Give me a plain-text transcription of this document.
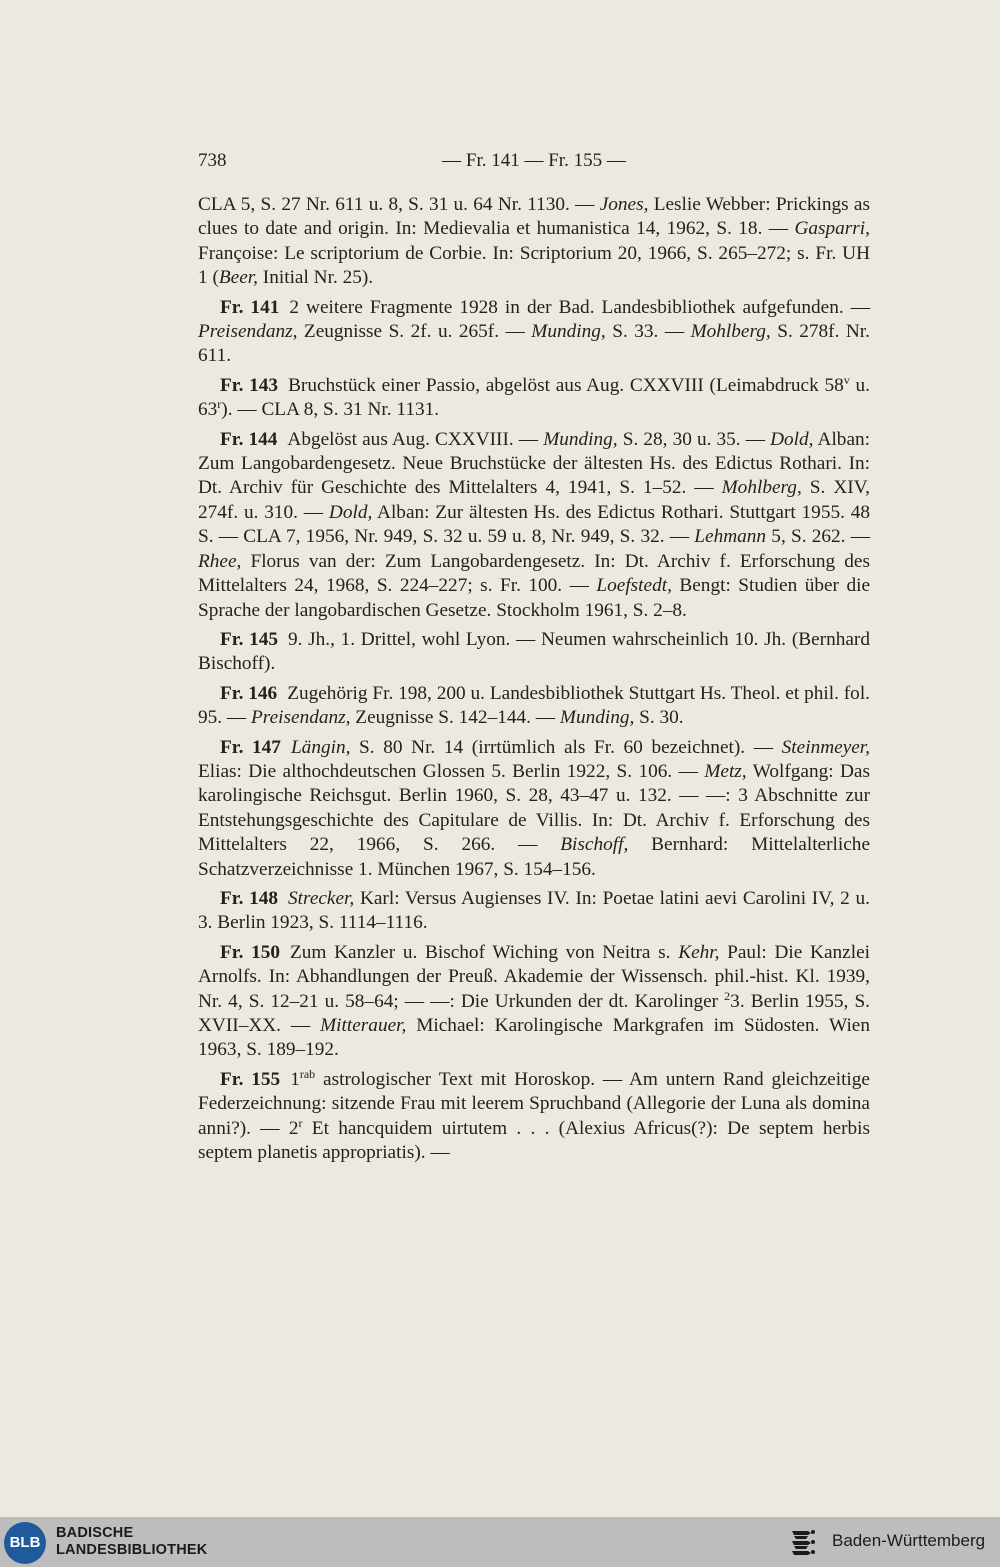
738	— Fr. 141 — Fr. 155 —

CLA 5, S. 27 Nr. 611 u. 8, S. 31 u. 64 Nr. 1130. — Jones, Leslie Webber: Prickings as clues to date and origin. In: Medievalia et humanistica 14, 1962, S. 18. — Gasparri, Françoise: Le scriptorium de Corbie. In: Scriptorium 20, 1966, S. 265–272; s. Fr. UH 1 (Beer, Initial Nr. 25).

Fr. 141 2 weitere Fragmente 1928 in der Bad. Landesbibliothek aufgefunden. — Preisendanz, Zeugnisse S. 2f. u. 265f. — Munding, S. 33. — Mohlberg, S. 278f. Nr. 611.

Fr. 143 Bruchstück einer Passio, abgelöst aus Aug. CXXVIII (Leimabdruck 58$^v$ u. 63$^r$). — CLA 8, S. 31 Nr. 1131.

Fr. 144 Abgelöst aus Aug. CXXVIII. — Munding, S. 28, 30 u. 35. — Dold, Alban: Zum Langobardengesetz. Neue Bruchstücke der ältesten Hs. des Edictus Rothari. In: Dt. Archiv für Geschichte des Mittelalters 4, 1941, S. 1–52. — Mohlberg, S. XIV, 274f. u. 310. — Dold, Alban: Zur ältesten Hs. des Edictus Rothari. Stuttgart 1955. 48 S. — CLA 7, 1956, Nr. 949, S. 32 u. 59 u. 8, Nr. 949, S. 32. — Lehmann 5, S. 262. — Rhee, Florus van der: Zum Langobardengesetz. In: Dt. Archiv f. Erforschung des Mittelalters 24, 1968, S. 224–227; s. Fr. 100. — Loefstedt, Bengt: Studien über die Sprache der langobardischen Gesetze. Stockholm 1961, S. 2–8.

Fr. 145 9. Jh., 1. Drittel, wohl Lyon. — Neumen wahrscheinlich 10. Jh. (Bernhard Bischoff).

Fr. 146 Zugehörig Fr. 198, 200 u. Landesbibliothek Stuttgart Hs. Theol. et phil. fol. 95. — Preisendanz, Zeugnisse S. 142–144. — Munding, S. 30.

Fr. 147 Längin, S. 80 Nr. 14 (irrtümlich als Fr. 60 bezeichnet). — Steinmeyer, Elias: Die althochdeutschen Glossen 5. Berlin 1922, S. 106. — Metz, Wolfgang: Das karolingische Reichsgut. Berlin 1960, S. 28, 43–47 u. 132. — —: 3 Abschnitte zur Entstehungsgeschichte des Capitulare de Villis. In: Dt. Archiv f. Erforschung des Mittelalters 22, 1966, S. 266. — Bischoff, Bernhard: Mittelalterliche Schatzverzeichnisse 1. München 1967, S. 154–156.

Fr. 148 Strecker, Karl: Versus Augienses IV. In: Poetae latini aevi Carolini IV, 2 u. 3. Berlin 1923, S. 1114–1116.

Fr. 150 Zum Kanzler u. Bischof Wiching von Neitra s. Kehr, Paul: Die Kanzlei Arnolfs. In: Abhandlungen der Preuß. Akademie der Wissensch. phil.-hist. Kl. 1939, Nr. 4, S. 12–21 u. 58–64; — —: Die Urkunden der dt. Karolinger $^2$3. Berlin 1955, S. XVII–XX. — Mitterauer, Michael: Karolingische Markgrafen im Südosten. Wien 1963, S. 189–192.

Fr. 155 $1^{rab}$ astrologischer Text mit Horoskop. — Am untern Rand gleichzeitige Federzeichnung: sitzende Frau mit leerem Spruchband (Allegorie der Luna als domina anni?). — 2$^r$ Et hancquidem uirtutem . . . (Alexius Africus(?): De septem herbis septem planetis appropriatis). —

BLB
BADISCHE
LANDESBIBLIOTHEK	Baden-Württemberg
